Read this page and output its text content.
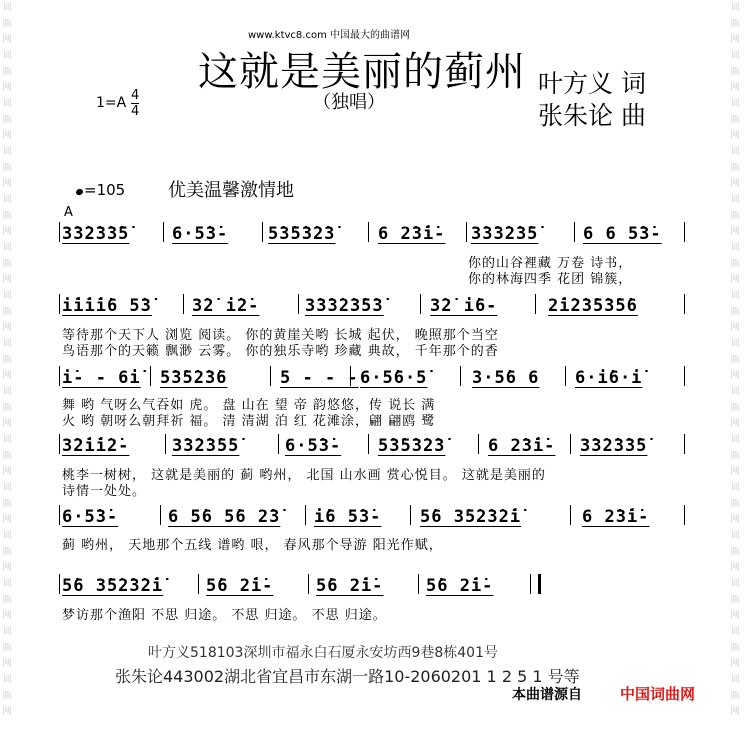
词
曲
网
词
曲
网
词
曲
网
词
曲
网
词
曲
网
词
曲
网
词
曲
网
词
曲
网
词
曲
网
词
曲
网
词
曲
网
词
曲
网
词
曲
网
词
曲
网
词
曲
网
词
曲
网
词
曲
网
词
曲
网
词
曲
网
词
曲
网
词
曲
网
词
曲
网
词
曲
网
词
曲
网
词
曲
网
词
曲
网
词
曲
网
词
曲
网
词
曲
网
词
曲
网
www.ktvc8.com 中国最大的曲谱网
这就是美丽的蓟州
（独唱）
叶方义 词
张朱论 曲
1=A 4
4
=105 优美温馨激情地
A
3̇3̇2̇3̇3̇5̇	6·5̇3̇- 5̇3̇5̇3̇2̇3̇	6 2̇3̇i̇- 3̇3̇3̇2̇3̇5̇	6 6 5̇3̇-
你的山谷裡藏 万卷 诗书，
你的林海四季 花团 锦簇，
i̇i̇i̇i̇6 5̇3̇ 3̇2̇ i̇2̇-	3̇3̇3̇2̇3̇5̇3̇	3̇2̇ i̇6-	2̇i̇2̇3̇5̇3̇5̇6
等待那个天下人 浏览 阅读。 你的黄崖关哟 长城 起伏， 晚照那个当空
鸟语那个的天籁 飘渺 云雾。 你的独乐寺哟 珍藏 典故， 千年那个的香
i̇- - 6i̇ 5̇3̇5̇2̇3̇6	5 - - - 6·5̇6·5̇	3·5̇6 6 6·i̇6·i̇
舞 哟 气呀么气吞如 虎。 盘 山在 望 帝 韵悠悠，传 说长 满
火 哟 朝呀么朝拜祈 福。 清 清湖 泊 红 花滩涂，翩 翩鸥 鹭
3̇2̇i̇i̇2̇-	3̇3̇2̇3̇5̇5̇	6·5̇3̇- 5̇3̇5̇3̇2̇3̇	6 2̇3̇i̇- 3̇3̇2̇3̇3̇5̇
桃李一树树， 这就是美丽的 蓟 哟州， 北国 山水画 赏心悦目。 这就是美丽的
诗情一处处。
6·5̇3̇-	6 5̇6 5̇6 2̇3̇ i̇6 5̇3̇- 5̇6 3̇5̇2̇3̇2̇i̇	6 2̇3̇i̇-
蓟 哟州， 天地那个五线 谱哟 哏， 春风那个导游 阳光作赋，
5̇6 3̇5̇2̇3̇2̇i̇	5̇6 2̇i̇-	5̇6 2̇i̇-	5̇6 2̇i̇-
梦访那个渔阳 不思 归途。 不思 归途。 不思 归途。
叶方义518103深圳市福永白石厦永安坊西9巷8栋401号
张朱论443002湖北省宜昌市东湖一路10-2060201 1 2 5 1 号等
本曲谱源自	中国词曲网
